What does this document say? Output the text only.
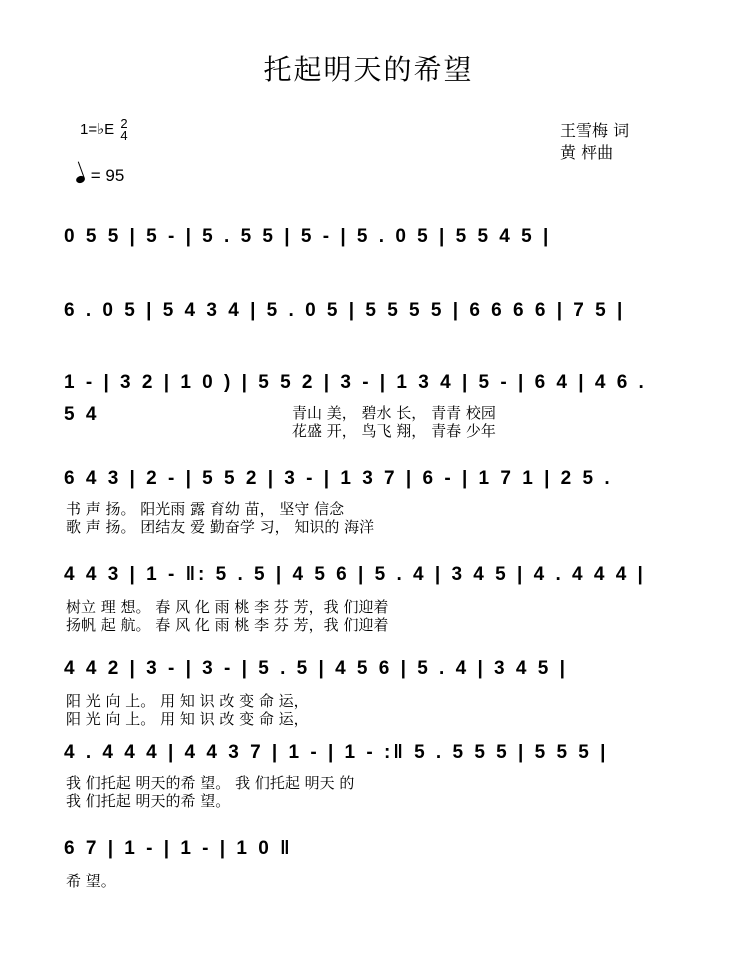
托起明天的希望
1=♭E 2
4
= 95
王雪梅 词
黄 枰曲
0 5 5 | 5 - | 5 . 5 5 | 5 - | 5 . 0 5 | 5 5 4 5 |
6 . 0 5 | 5 4 3 4 | 5 . 0 5 | 5 5 5 5 | 6 6 6 6 | 7 5 |
1 - | 3 2 | 1 0 ) | 5 5 2 | 3 - | 1 3 4 | 5 - | 6 4 | 4 6 .
5 4	青山 美， 碧水 长， 青青 校园
花盛 开， 鸟飞 翔， 青春 少年
6 4 3 | 2 - | 5 5 2 | 3 - | 1 3 7 | 6 - | 1 7 1 | 2 5 .
书 声 扬。 阳光雨 露 育幼 苗， 坚守 信念
歌 声 扬。 团结友 爱 勤奋学 习， 知识的 海洋
4 4 3 | 1 - ‖: 5 . 5 | 4 5 6 | 5 . 4 | 3 4 5 | 4 . 4 4 4 |
树立 理 想。 春 风 化 雨 桃 李 芬 芳，我 们迎着
扬帆 起 航。 春 风 化 雨 桃 李 芬 芳，我 们迎着
4 4 2 | 3 - | 3 - | 5 . 5 | 4 5 6 | 5 . 4 | 3 4 5 |
阳 光 向 上。 用 知 识 改 变 命 运，
阳 光 向 上。 用 知 识 改 变 命 运，
4 . 4 4 4 | 4 4 3 7 | 1 - | 1 - :‖ 5 . 5 5 5 | 5 5 5 |
我 们托起 明天的希 望。 我 们托起 明天 的
我 们托起 明天的希 望。
6 7 | 1 - | 1 - | 1 0 ‖
希 望。
